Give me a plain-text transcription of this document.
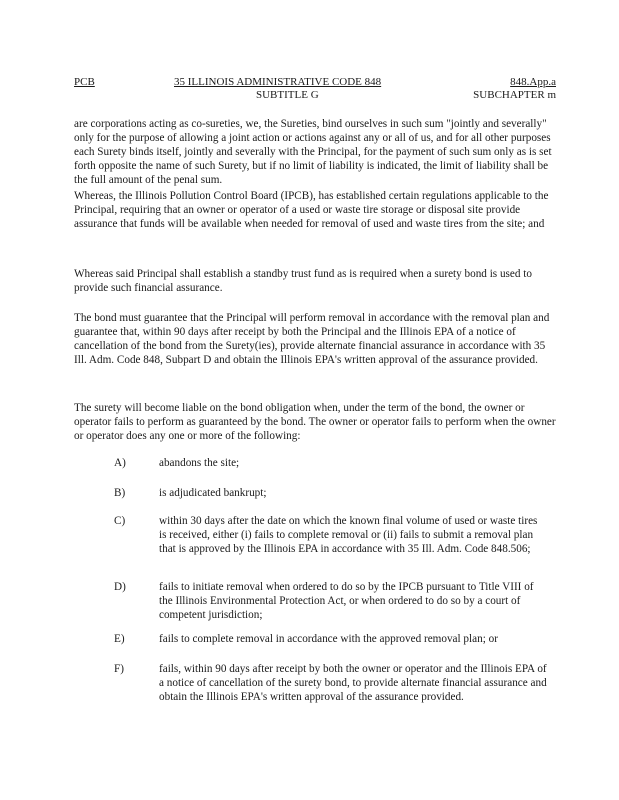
PCB	35 ILLINOIS ADMINISTRATIVE CODE 848	848.App.a
SUBTITLE G	SUBCHAPTER m

are corporations acting as co-sureties, we, the Sureties, bind ourselves in such sum "jointly and severally" only for the purpose of allowing a joint action or actions against any or all of us, and for all other purposes each Surety binds itself, jointly and severally with the Principal, for the payment of such sum only as is set forth opposite the name of such Surety, but if no limit of liability is indicated, the limit of liability shall be the full amount of the penal sum.

Whereas, the Illinois Pollution Control Board (IPCB), has established certain regulations applicable to the Principal, requiring that an owner or operator of a used or waste tire storage or disposal site provide assurance that funds will be available when needed for removal of used and waste tires from the site; and

Whereas said Principal shall establish a standby trust fund as is required when a surety bond is used to provide such financial assurance.

The bond must guarantee that the Principal will perform removal in accordance with the removal plan and guarantee that, within 90 days after receipt by both the Principal and the Illinois EPA of a notice of cancellation of the bond from the Surety(ies), provide alternate financial assurance in accordance with 35 Ill. Adm. Code 848, Subpart D and obtain the Illinois EPA's written approval of the assurance provided.

The surety will become liable on the bond obligation when, under the term of the bond, the owner or operator fails to perform as guaranteed by the bond. The owner or operator fails to perform when the owner or operator does any one or more of the following:

A)	abandons the site;
B)	is adjudicated bankrupt;
C)	within 30 days after the date on which the known final volume of used or waste tires is received, either (i) fails to complete removal or (ii) fails to submit a removal plan that is approved by the Illinois EPA in accordance with 35 Ill. Adm. Code 848.506;
D)	fails to initiate removal when ordered to do so by the IPCB pursuant to Title VIII of the Illinois Environmental Protection Act, or when ordered to do so by a court of competent jurisdiction;
E)	fails to complete removal in accordance with the approved removal plan; or
F)	fails, within 90 days after receipt by both the owner or operator and the Illinois EPA of a notice of cancellation of the surety bond, to provide alternate financial assurance and obtain the Illinois EPA's written approval of the assurance provided.
